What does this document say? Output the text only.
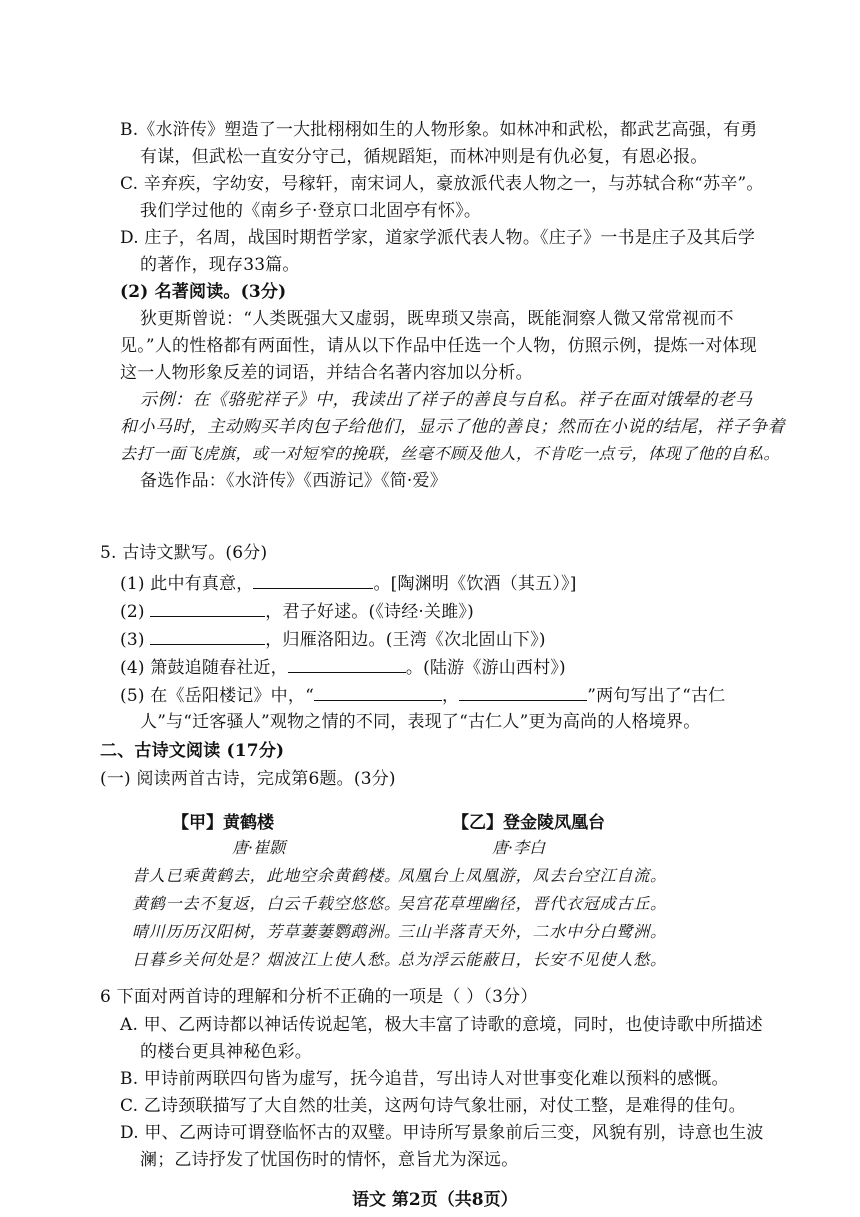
B.《水浒传》塑造了一大批栩栩如生的人物形象。如林冲和武松，都武艺高强，有勇
有谋，但武松一直安分守己，循规蹈矩，而林冲则是有仇必复，有恩必报。
C. 辛弃疾，字幼安，号稼轩，南宋词人，豪放派代表人物之一，与苏轼合称“苏辛”。
我们学过他的《南乡子·登京口北固亭有怀》。
D. 庄子，名周，战国时期哲学家，道家学派代表人物。《庄子》一书是庄子及其后学
的著作，现存33篇。
(2) 名著阅读。(3分)
狄更斯曾说：“人类既强大又虚弱，既卑琐又崇高，既能洞察人微又常常视而不
见。”人的性格都有两面性，请从以下作品中任选一个人物，仿照示例，提炼一对体现
这一人物形象反差的词语，并结合名著内容加以分析。
示例：在《骆驼祥子》中，我读出了祥子的善良与自私。祥子在面对饿晕的老马
和小马时，主动购买羊肉包子给他们，显示了他的善良；然而在小说的结尾，祥子争着
去打一面飞虎旗，或一对短窄的挽联，丝毫不顾及他人，不肯吃一点亏，体现了他的自私。
备选作品：《水浒传》《西游记》《简·爱》
5. 古诗文默写。(6分)
(1) 此中有真意，	。[陶渊明《饮酒（其五）》]
(2)	，君子好逑。(《诗经·关雎》)
(3)	，归雁洛阳边。(王湾《次北固山下》)
(4) 箫鼓追随春社近，	。(陆游《游山西村》)
(5) 在《岳阳楼记》中，“	，	”两句写出了“古仁
人”与“迁客骚人”观物之情的不同，表现了“古仁人”更为高尚的人格境界。
二、古诗文阅读 (17分)
(一) 阅读两首古诗，完成第6题。(3分)
【甲】黄鹤楼
唐·崔颢
昔人已乘黄鹤去，此地空余黄鹤楼。
黄鹤一去不复返，白云千载空悠悠。
晴川历历汉阳树，芳草萋萋鹦鹉洲。
日暮乡关何处是？烟波江上使人愁。
【乙】登金陵凤凰台
唐·李白
凤凰台上凤凰游，凤去台空江自流。
吴宫花草埋幽径，晋代衣冠成古丘。
三山半落青天外，二水中分白鹭洲。
总为浮云能蔽日，长安不见使人愁。
6 下面对两首诗的理解和分析不正确的一项是（ ）（3分）
A. 甲、乙两诗都以神话传说起笔，极大丰富了诗歌的意境，同时，也使诗歌中所描述
的楼台更具神秘色彩。
B. 甲诗前两联四句皆为虚写，抚今追昔，写出诗人对世事变化难以预料的感慨。
C. 乙诗颈联描写了大自然的壮美，这两句诗气象壮丽，对仗工整，是难得的佳句。
D. 甲、乙两诗可谓登临怀古的双璧。甲诗所写景象前后三变，风貌有别，诗意也生波
澜；乙诗抒发了忧国伤时的情怀，意旨尤为深远。
语文 第2页（共8页）
